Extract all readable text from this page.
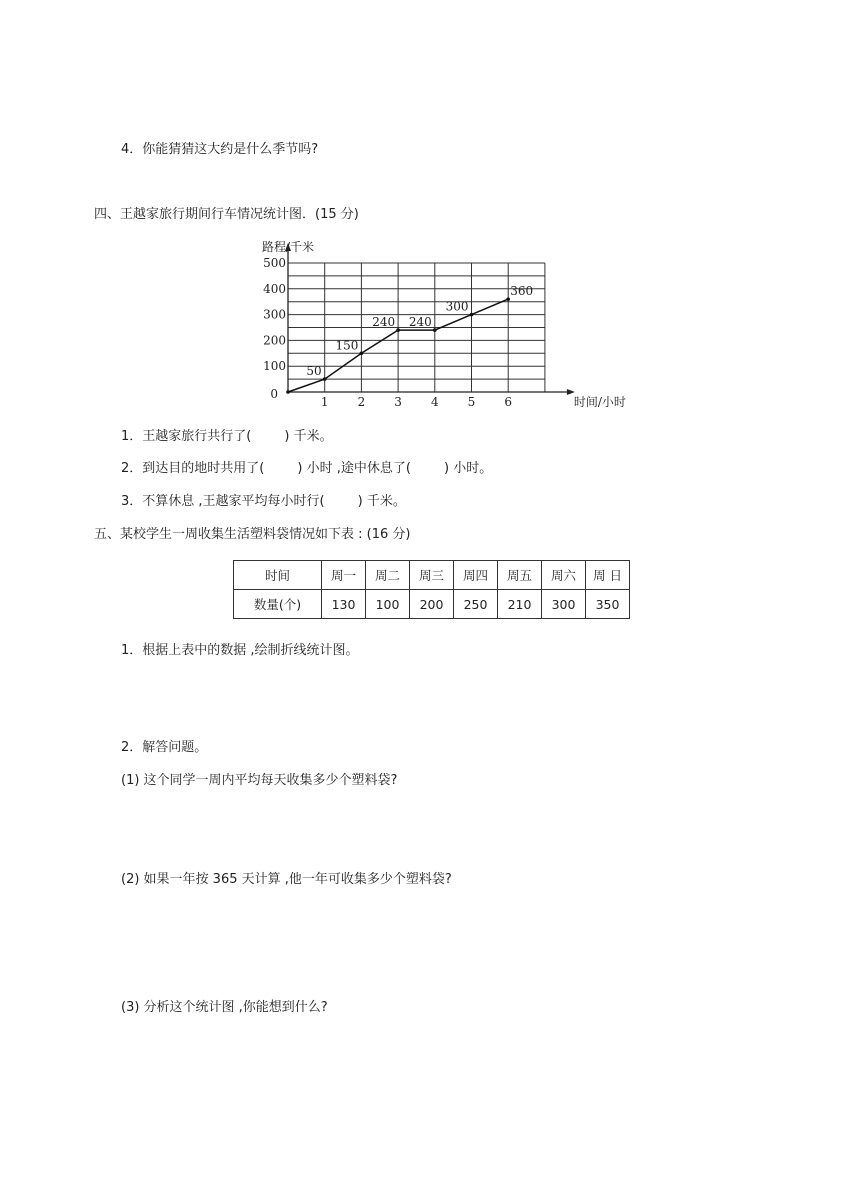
4．你能猜猜这大约是什么季节吗?
四、王越家旅行期间行车情况统计图．(15 分)
路程/千米
时间/小时
0
100
200
300
400
500
1 2 3 4 5 6
50
150
240 240
300
360
1．王越家旅行共行了(        ) 千米。
2．到达目的地时共用了(        ) 小时 ,途中休息了(        ) 小时。
3．不算休息 ,王越家平均每小时行(        ) 千米。
五、某校学生一周收集生活塑料袋情况如下表 : (16 分)
时间	周一	周二	周三	周四	周五	周六	周 日
数量(个)	130	100	200	250	210	300	350
1．根据上表中的数据 ,绘制折线统计图。
2．解答问题。
(1) 这个同学一周内平均每天收集多少个塑料袋?
(2) 如果一年按 365 天计算 ,他一年可收集多少个塑料袋?
(3) 分析这个统计图 ,你能想到什么?
